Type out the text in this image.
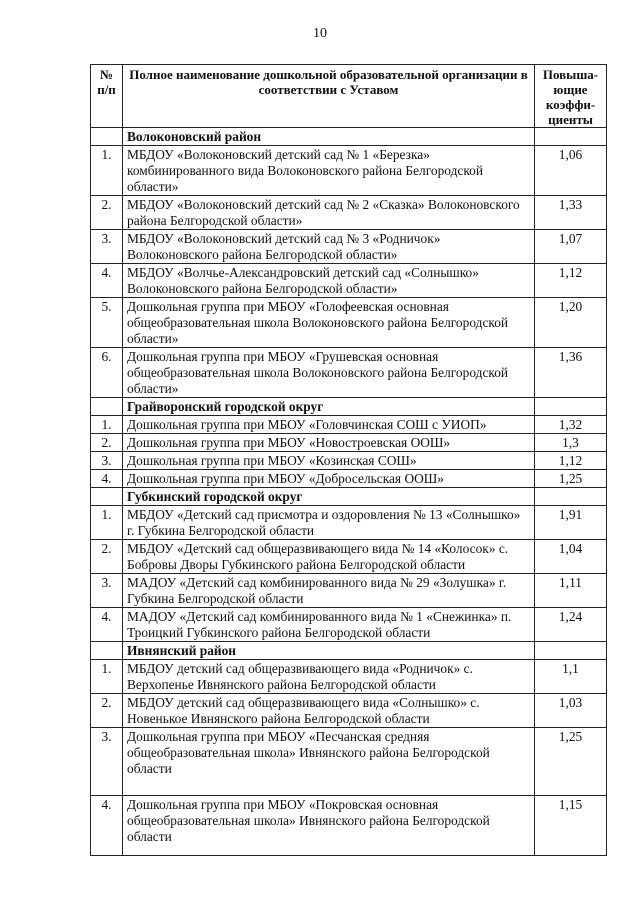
10
№ п/п	Полное наименование дошкольной образовательной организации в соответствии с Уставом	Повыша-ющие коэффи-циенты
	Волоконовский район	
1.	МБДОУ «Волоконовский детский сад № 1 «Березка» комбинированного вида Волоконовского района Белгородской области»	1,06
2.	МБДОУ «Волоконовский детский сад № 2 «Сказка» Волоконовского района Белгородской области»	1,33
3.	МБДОУ «Волоконовский детский сад № 3 «Родничок» Волоконовского района Белгородской области»	1,07
4.	МБДОУ «Волчье-Александровский детский сад «Солнышко» Волоконовского района Белгородской области»	1,12
5.	Дошкольная группа при МБОУ «Голофеевская основная общеобразовательная школа Волоконовского района Белгородской области»	1,20
6.	Дошкольная группа при МБОУ «Грушевская основная общеобразовательная школа Волоконовского района Белгородской области»	1,36
	Грайворонский городской округ	
1.	Дошкольная группа при МБОУ «Головчинская СОШ с УИОП»	1,32
2.	Дошкольная группа при МБОУ «Новостроевская ООШ»	1,3
3.	Дошкольная группа при МБОУ «Козинская СОШ»	1,12
4.	Дошкольная группа при МБОУ «Добросельская ООШ»	1,25
	Губкинский городской округ	
1.	МБДОУ «Детский сад присмотра и оздоровления № 13 «Солнышко» г. Губкина Белгородской области	1,91
2.	МБДОУ «Детский сад общеразвивающего вида № 14 «Колосок» с. Бобровы Дворы Губкинского района Белгородской области	1,04
3.	МАДОУ «Детский сад комбинированного вида № 29 «Золушка» г. Губкина Белгородской области	1,11
4.	МАДОУ «Детский сад комбинированного вида № 1 «Снежинка» п. Троицкий Губкинского района Белгородской области	1,24
	Ивнянский район	
1.	МБДОУ детский сад общеразвивающего вида «Родничок» с. Верхопенье Ивнянского района Белгородской области	1,1
2.	МБДОУ детский сад общеразвивающего вида «Солнышко» с. Новенькое Ивнянского района Белгородской области	1,03
3.	Дошкольная группа при МБОУ «Песчанская средняя общеобразовательная школа» Ивнянского района Белгородской области	1,25
4.	Дошкольная группа при МБОУ «Покровская основная общеобразовательная школа» Ивнянского района Белгородской области	1,15
